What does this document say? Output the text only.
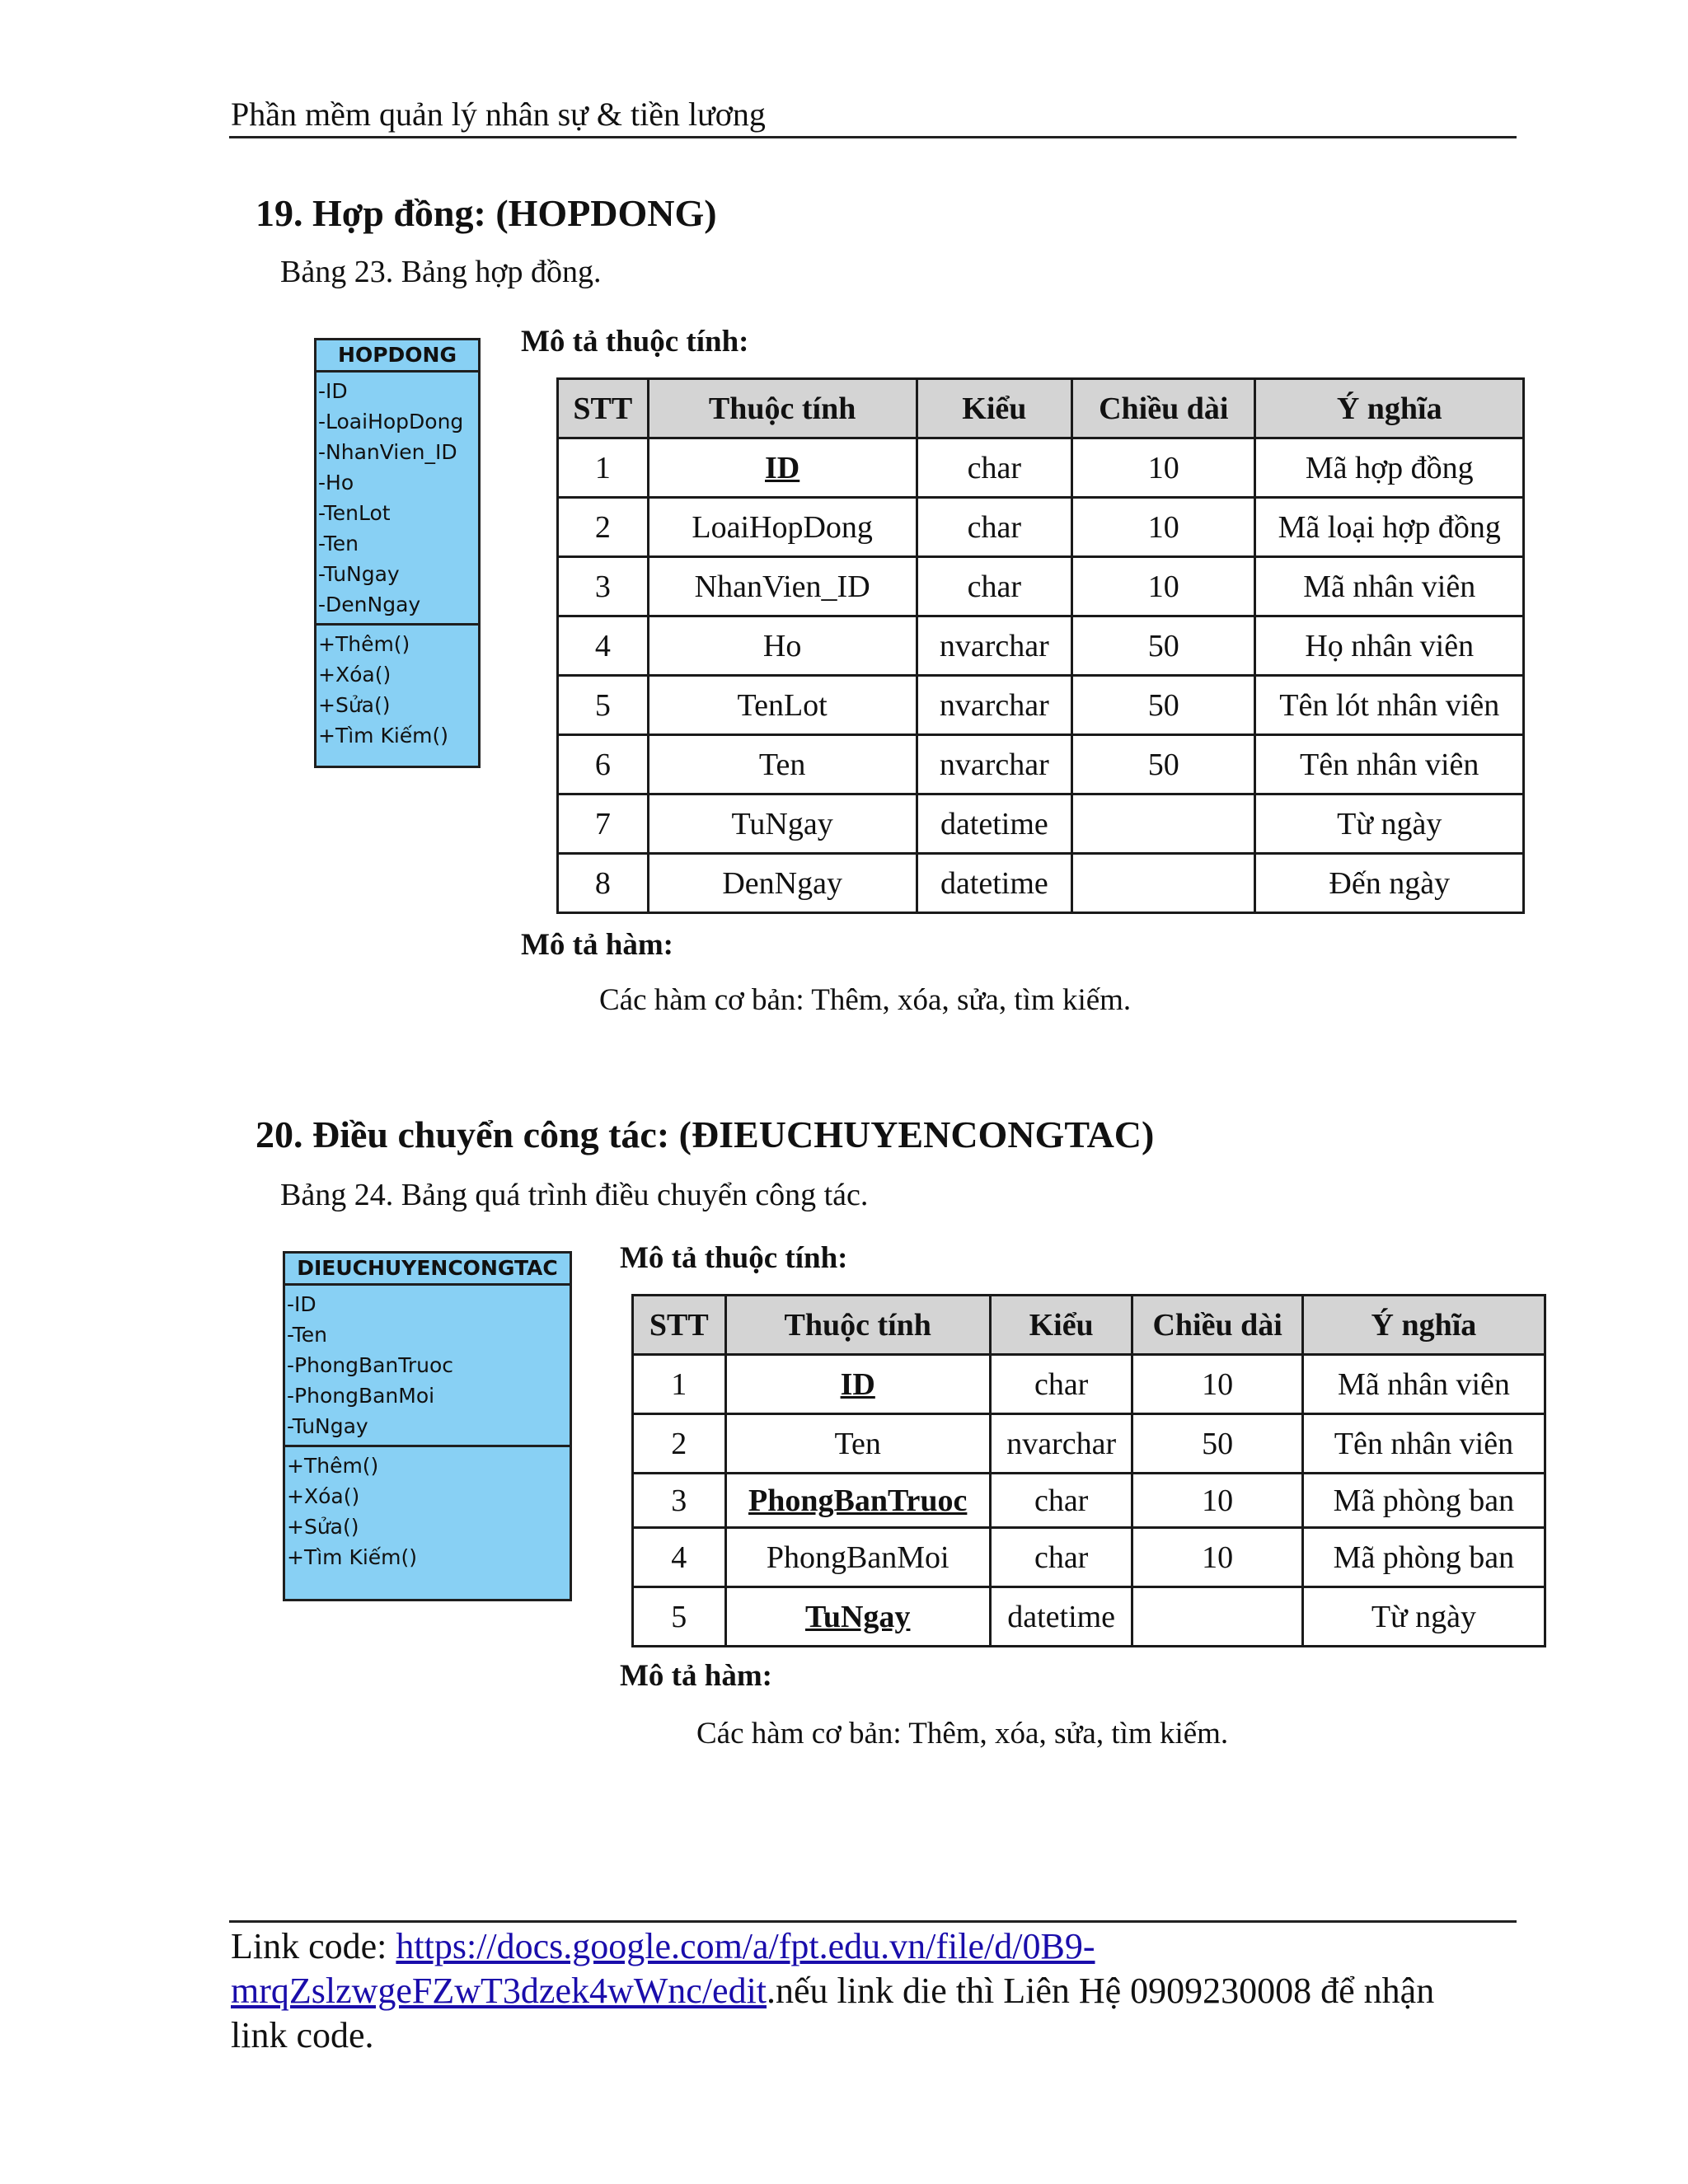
Phần mềm quản lý nhân sự & tiền lương
19. Hợp đồng: (HOPDONG)
Bảng 23. Bảng hợp đồng.
HOPDONG
-ID
-LoaiHopDong
-NhanVien_ID
-Ho
-TenLot
-Ten
-TuNgay
-DenNgay
+Thêm()
+Xóa()
+Sửa()
+Tìm Kiếm()
Mô tả thuộc tính:
STT	Thuộc tính	Kiểu	Chiều dài	Ý nghĩa
1	ID	char	10	Mã hợp đồng
2	LoaiHopDong	char	10	Mã loại hợp đồng
3	NhanVien_ID	char	10	Mã nhân viên
4	Ho	nvarchar	50	Họ nhân viên
5	TenLot	nvarchar	50	Tên lót nhân viên
6	Ten	nvarchar	50	Tên nhân viên
7	TuNgay	datetime		Từ ngày
8	DenNgay	datetime		Đến ngày
Mô tả hàm:
Các hàm cơ bản: Thêm, xóa, sửa, tìm kiếm.
20. Điều chuyển công tác: (ĐIEUCHUYENCONGTAC)
Bảng 24. Bảng quá trình điều chuyển công tác.
DIEUCHUYENCONGTAC
-ID
-Ten
-PhongBanTruoc
-PhongBanMoi
-TuNgay
+Thêm()
+Xóa()
+Sửa()
+Tìm Kiếm()
Mô tả thuộc tính:
STT	Thuộc tính	Kiểu	Chiều dài	Ý nghĩa
1	ID	char	10	Mã nhân viên
2	Ten	nvarchar	50	Tên nhân viên
3	PhongBanTruoc	char	10	Mã phòng ban
4	PhongBanMoi	char	10	Mã phòng ban
5	TuNgay	datetime		Từ ngày
Mô tả hàm:
Các hàm cơ bản: Thêm, xóa, sửa, tìm kiếm.
Link code: https://docs.google.com/a/fpt.edu.vn/file/d/0B9-
mrqZslzwgeFZwT3dzek4wWnc/edit.nếu link die thì Liên Hệ 0909230008 để nhận
link code.
